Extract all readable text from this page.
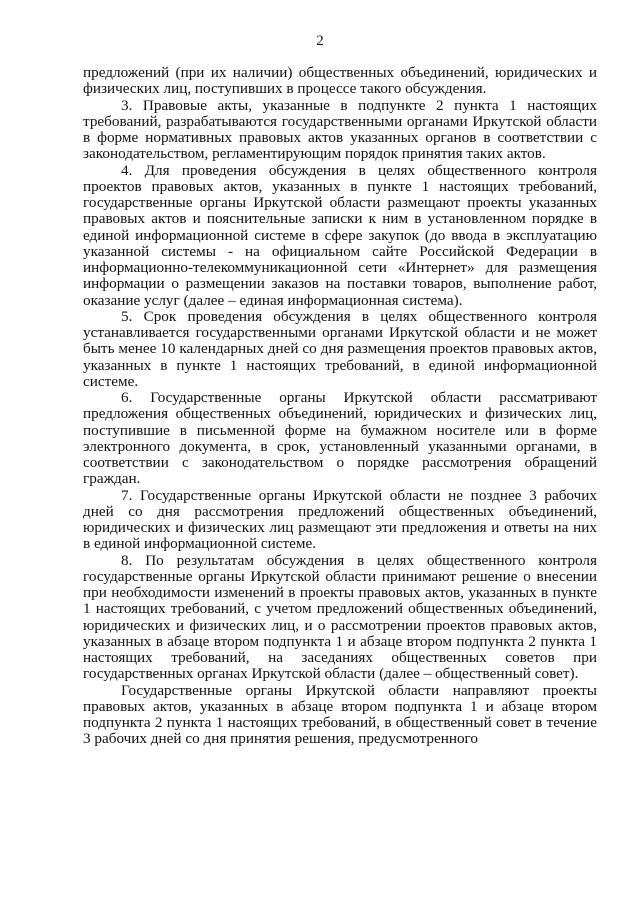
2

предложений (при их наличии) общественных объединений, юридических и физических лиц, поступивших в процессе такого обсуждения.

3. Правовые акты, указанные в подпункте 2 пункта 1 настоящих требований, разрабатываются государственными органами Иркутской области в форме нормативных правовых актов указанных органов в соответствии с законодательством, регламентирующим порядок принятия таких актов.

4. Для проведения обсуждения в целях общественного контроля проектов правовых актов, указанных в пункте 1 настоящих требований, государственные органы Иркутской области размещают проекты указанных правовых актов и пояснительные записки к ним в установленном порядке в единой информационной системе в сфере закупок (до ввода в эксплуатацию указанной системы - на официальном сайте Российской Федерации в информационно-телекоммуникационной сети «Интернет» для размещения информации о размещении заказов на поставки товаров, выполнение работ, оказание услуг (далее – единая информационная система).

5. Срок проведения обсуждения в целях общественного контроля устанавливается государственными органами Иркутской области и не может быть менее 10 календарных дней со дня размещения проектов правовых актов, указанных в пункте 1 настоящих требований, в единой информационной системе.

6. Государственные органы Иркутской области рассматривают предложения общественных объединений, юридических и физических лиц, поступившие в письменной форме на бумажном носителе или в форме электронного документа, в срок, установленный указанными органами, в соответствии с законодательством о порядке рассмотрения обращений граждан.

7. Государственные органы Иркутской области не позднее 3 рабочих дней со дня рассмотрения предложений общественных объединений, юридических и физических лиц размещают эти предложения и ответы на них в единой информационной системе.

8. По результатам обсуждения в целях общественного контроля государственные органы Иркутской области принимают решение о внесении при необходимости изменений в проекты правовых актов, указанных в пункте 1 настоящих требований, с учетом предложений общественных объединений, юридических и физических лиц, и о рассмотрении проектов правовых актов, указанных в абзаце втором подпункта 1 и абзаце втором подпункта 2 пункта 1 настоящих требований, на заседаниях общественных советов при государственных органах Иркутской области (далее – общественный совет).

Государственные органы Иркутской области направляют проекты правовых актов, указанных в абзаце втором подпункта 1 и абзаце втором подпункта 2 пункта 1 настоящих требований, в общественный совет в течение 3 рабочих дней со дня принятия решения, предусмотренного
